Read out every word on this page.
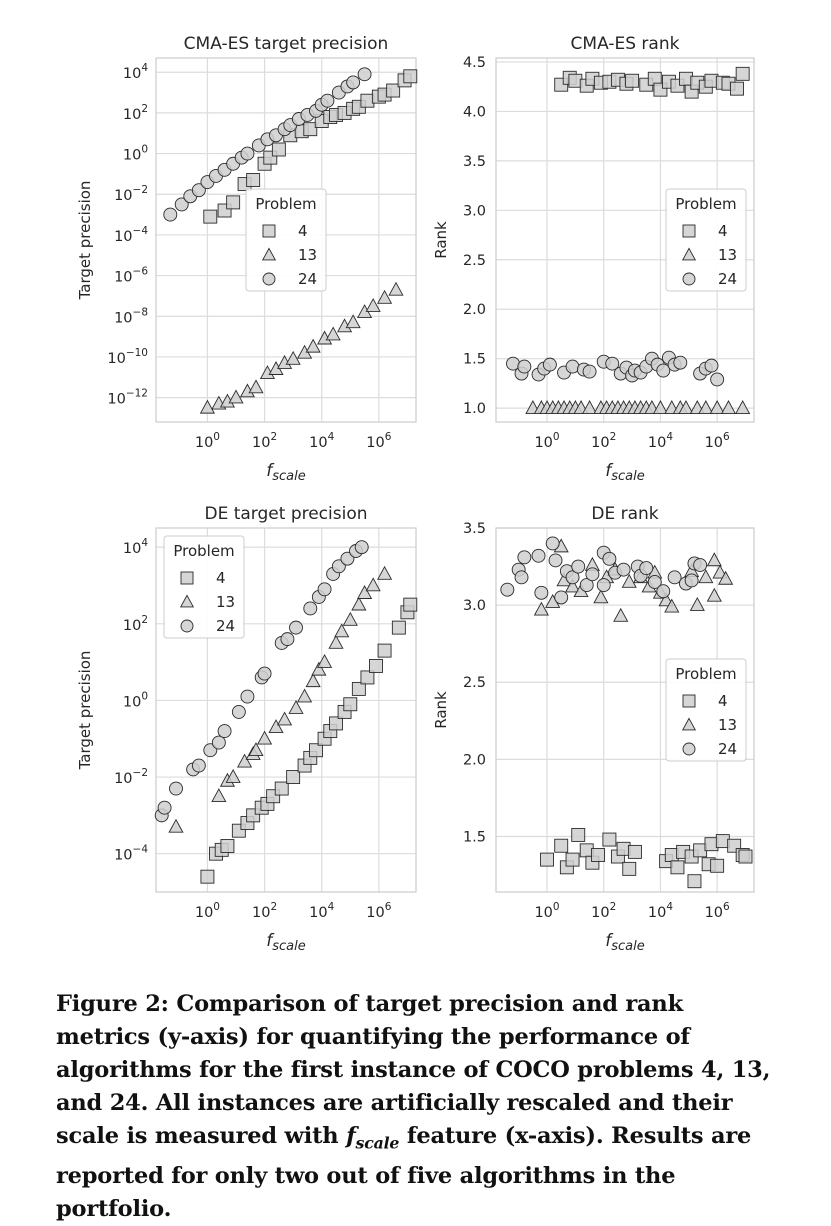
$10^0$ $10^2$ $10^4$ $10^6$
$10^{-12}$
$10^{-10}$
$10^{-8}$
$10^{-6}$
$10^{-4}$
$10^{-2}$
$10^0$
$10^2$
$10^4$
CMA-ES target precision
fscale
Target precision	Problem
4
13
24
$10^0$ $10^2$ $10^4$ $10^6$
1.0
1.5
2.0
2.5
3.0
3.5
4.0
4.5
CMA-ES rank
fscale
Rank
Problem
4
13
24
$10^0$ $10^2$ $10^4$ $10^6$
$10^{-4}$
$10^{-2}$
$10^0$
$10^2$
$10^4$
DE target precision
fscale
Target precision
Problem
4
13
24
$10^0$ $10^2$ $10^4$ $10^6$
1.5
2.0
2.5
3.0
3.5
DE rank
fscale
Rank
Problem
4
13
24

Figure 2: Comparison of target precision and rank metrics (y-axis) for quantifying the performance of algorithms for the first instance of COCO problems 4, 13, and 24. All instances are artificially rescaled and their scale is measured with $f_{scale}$ feature (x-axis). Results are reported for only two out of five algorithms in the portfolio.
